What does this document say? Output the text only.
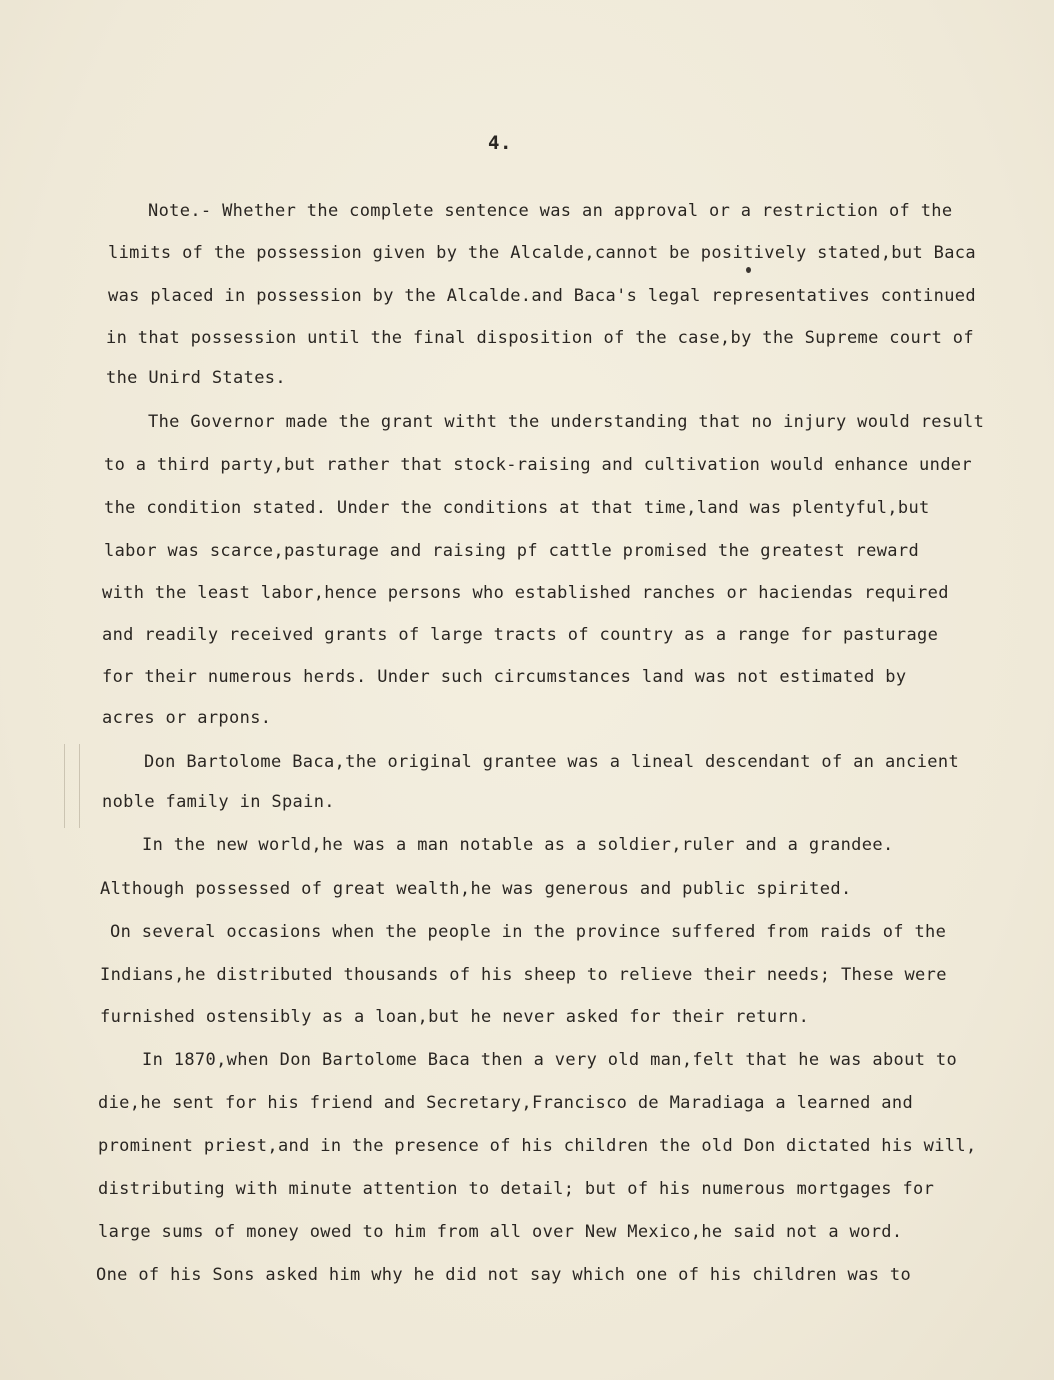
4.
Note.- Whether the complete sentence was an approval or a restriction of the
limits of the possession given by the Alcalde,cannot be positively stated,but Baca
was placed in possession by the Alcalde.and Baca's legal representatives continued
in that possession until the final disposition of the case,by the Supreme court of
the Unird States.
The Governor made the grant witht the understanding that no injury would result
to a third party,but rather that stock-raising and cultivation would enhance under
the condition stated. Under the conditions at that time,land was plentyful,but
labor was scarce,pasturage and raising pf cattle promised the greatest reward
with the least labor,hence persons who established ranches or haciendas required
and readily received grants of large tracts of country as a range for pasturage
for their numerous herds. Under such circumstances land was not estimated by
acres or arpons.
Don Bartolome Baca,the original grantee was a lineal descendant of an ancient
noble family in Spain.
In the new world,he was a man notable as a soldier,ruler and a grandee.
Although possessed of great wealth,he was generous and public spirited.
On several occasions when the people in the province suffered from raids of the
Indians,he distributed thousands of his sheep to relieve their needs; These were
furnished ostensibly as a loan,but he never asked for their return.
In 1870,when Don Bartolome Baca then a very old man,felt that he was about to
die,he sent for his friend and Secretary,Francisco de Maradiaga a learned and
prominent priest,and in the presence of his children the old Don dictated his will,
distributing with minute attention to detail; but of his numerous mortgages for
large sums of money owed to him from all over New Mexico,he said not a word.
One of his Sons asked him why he did not say which one of his children was to
